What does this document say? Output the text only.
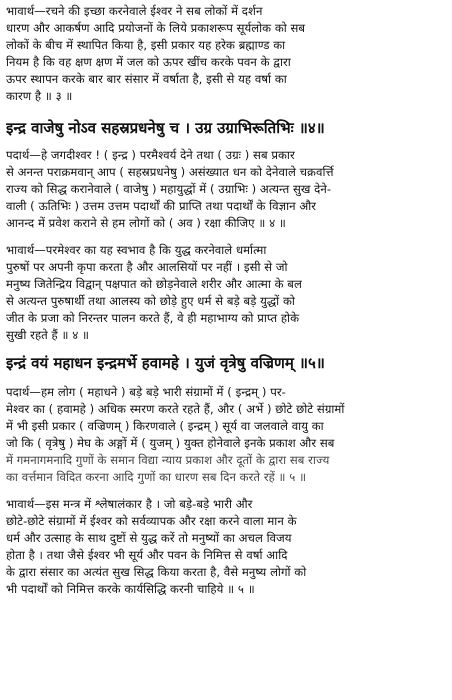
भावार्थ—रचने की इच्छा करनेवाले ईश्वर ने सब लोकों में दर्शन
धारण और आकर्षण आदि प्रयोजनों के लिये प्रकाशरूप सूर्यलोक को सब
लोकों के बीच में स्थापित किया है, इसी प्रकार यह हरेक ब्रह्माण्ड का
नियम है कि वह क्षण क्षण में जल को ऊपर खींच करके पवन के द्वारा
ऊपर स्थापन करके बार बार संसार में वर्षाता है, इसी से यह वर्षा का
कारण है ॥ ३ ॥
इन्द्र वाजेषु नोऽव सहस्रप्रधनेषु च । उग्र उग्राभिरूतिभिः ॥४॥
पदार्थ—हे जगदीश्वर ! ( इन्द्र ) परमैश्वर्य देने तथा ( उग्रः ) सब प्रकार
से अनन्त पराक्रमवान् आप ( सहस्रप्रधनेषु ) असंख्यात धन को देनेवाले चक्रवर्त्ति
राज्य को सिद्ध करानेवाले ( वाजेषु ) महायुद्धों में ( उग्राभिः ) अत्यन्त सुख देने-
वाली ( ऊतिभिः ) उत्तम उत्तम पदार्थों की प्राप्ति तथा पदार्थों के विज्ञान और
आनन्द में प्रवेश कराने से हम लोगों को ( अव ) रक्षा कीजिए ॥ ४ ॥
भावार्थ—परमेश्वर का यह स्वभाव है कि युद्ध करनेवाले धर्मात्मा
पुरुषों पर अपनी कृपा करता है और आलसियों पर नहीं । इसी से जो
मनुष्य जितेन्द्रिय विद्वान् पक्षपात को छोड़नेवाले शरीर और आत्मा के बल
से अत्यन्त पुरुषार्थी तथा आलस्य को छोड़े हुए धर्म से बड़े बड़े युद्धों को
जीत के प्रजा को निरन्तर पालन करते हैं, वे ही महाभाग्य को प्राप्त होके
सुखी रहते हैं ॥ ४ ॥
इन्द्रं वयं महाधन इन्द्रमर्भे हवामहे । युजं वृत्रेषु वज्रिणम् ॥५॥
पदार्थ—हम लोग ( महाधने ) बड़े बड़े भारी संग्रामों में ( इन्द्रम् ) पर-
मेश्वर का ( हवामहे ) अधिक स्मरण करते रहते हैं, और ( अर्भे ) छोटे छोटे संग्रामों
में भी इसी प्रकार ( वज्रिणम् ) किरणवाले ( इन्द्रम् ) सूर्य वा जलवाले वायु का
जो कि ( वृत्रेषु ) मेघ के अङ्गों में ( युजम् ) युक्त होनेवाले इनके प्रकाश और सब
में गमनागमनादि गुणों के समान विद्या न्याय प्रकाश और दूतों के द्वारा सब राज्य
का वर्त्तमान विदित करना आदि गुणों का धारण सब दिन करते रहें ॥ ५ ॥
भावार्थ—इस मन्त्र में श्लेषालंकार है । जो बड़े-बड़े भारी और
छोटे-छोटे संग्रामों में ईश्वर को सर्वव्यापक और रक्षा करने वाला मान के
धर्म और उत्साह के साथ दुष्टों से युद्ध करें तो मनुष्यों का अचल विजय
होता है । तथा जैसे ईश्वर भी सूर्य और पवन के निमित्त से वर्षा आदि
के द्वारा संसार का अत्यंत सुख सिद्ध किया करता है, वैसे मनुष्य लोगों को
भी पदार्थों को निमित्त करके कार्यसिद्धि करनी चाहिये ॥ ५ ॥
